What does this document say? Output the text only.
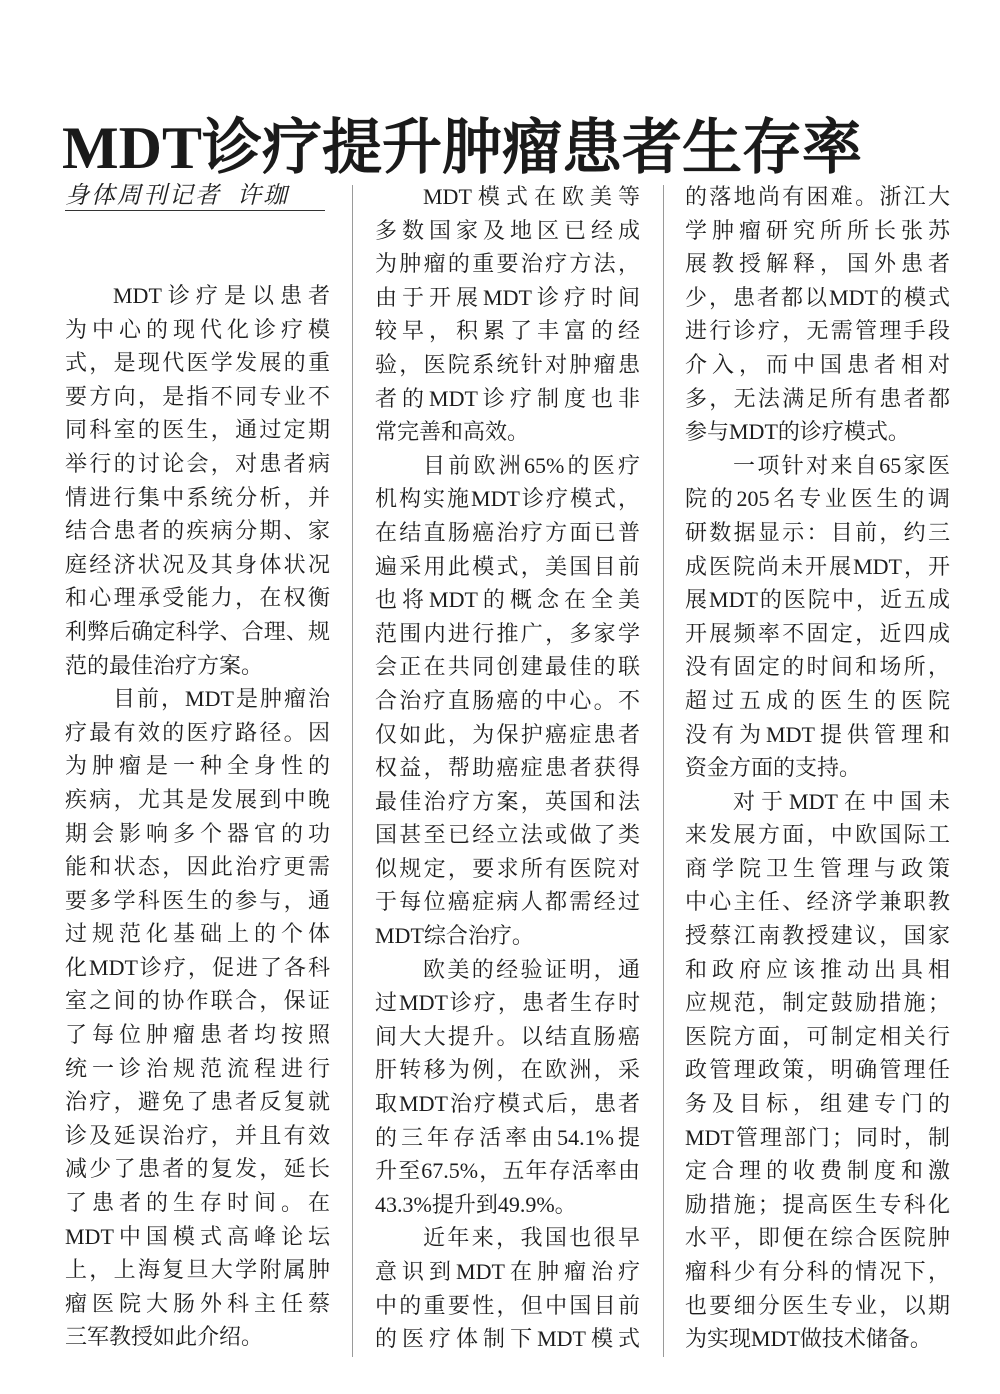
MDT诊疗提升肿瘤患者生存率
身体周刊记者 许珈
MDT诊疗是以患者
为中心的现代化诊疗模
式，是现代医学发展的重
要方向，是指不同专业不
同科室的医生，通过定期
举行的讨论会，对患者病
情进行集中系统分析，并
结合患者的疾病分期、家
庭经济状况及其身体状况
和心理承受能力，在权衡
利弊后确定科学、合理、规
范的最佳治疗方案。
目前，MDT是肿瘤治
疗最有效的医疗路径。因
为肿瘤是一种全身性的
疾病，尤其是发展到中晚
期会影响多个器官的功
能和状态，因此治疗更需
要多学科医生的参与，通
过规范化基础上的个体
化MDT诊疗，促进了各科
室之间的协作联合，保证
了每位肿瘤患者均按照
统一诊治规范流程进行
治疗，避免了患者反复就
诊及延误治疗，并且有效
减少了患者的复发，延长
了患者的生存时间。在
MDT中国模式高峰论坛
上，上海复旦大学附属肿
瘤医院大肠外科主任蔡
三军教授如此介绍。
MDT模式在欧美等
多数国家及地区已经成
为肿瘤的重要治疗方法，
由于开展MDT诊疗时间
较早，积累了丰富的经
验，医院系统针对肿瘤患
者的MDT诊疗制度也非
常完善和高效。
目前欧洲65%的医疗
机构实施MDT诊疗模式，
在结直肠癌治疗方面已普
遍采用此模式，美国目前
也将MDT的概念在全美
范围内进行推广，多家学
会正在共同创建最佳的联
合治疗直肠癌的中心。不
仅如此，为保护癌症患者
权益，帮助癌症患者获得
最佳治疗方案，英国和法
国甚至已经立法或做了类
似规定，要求所有医院对
于每位癌症病人都需经过
MDT综合治疗。
欧美的经验证明，通
过MDT诊疗，患者生存时
间大大提升。以结直肠癌
肝转移为例，在欧洲，采
取MDT治疗模式后，患者
的三年存活率由54.1%提
升至67.5%，五年存活率由
43.3%提升到49.9%。
近年来，我国也很早
意识到MDT在肿瘤治疗
中的重要性，但中国目前
的医疗体制下MDT模式
的落地尚有困难。浙江大
学肿瘤研究所所长张苏
展教授解释，国外患者
少，患者都以MDT的模式
进行诊疗，无需管理手段
介入，而中国患者相对
多，无法满足所有患者都
参与MDT的诊疗模式。
一项针对来自65家医
院的205名专业医生的调
研数据显示：目前，约三
成医院尚未开展MDT，开
展MDT的医院中，近五成
开展频率不固定，近四成
没有固定的时间和场所，
超过五成的医生的医院
没有为MDT提供管理和
资金方面的支持。
对于MDT在中国未
来发展方面，中欧国际工
商学院卫生管理与政策
中心主任、经济学兼职教
授蔡江南教授建议，国家
和政府应该推动出具相
应规范，制定鼓励措施；
医院方面，可制定相关行
政管理政策，明确管理任
务及目标，组建专门的
MDT管理部门；同时，制
定合理的收费制度和激
励措施；提高医生专科化
水平，即便在综合医院肿
瘤科少有分科的情况下，
也要细分医生专业，以期
为实现MDT做技术储备。
